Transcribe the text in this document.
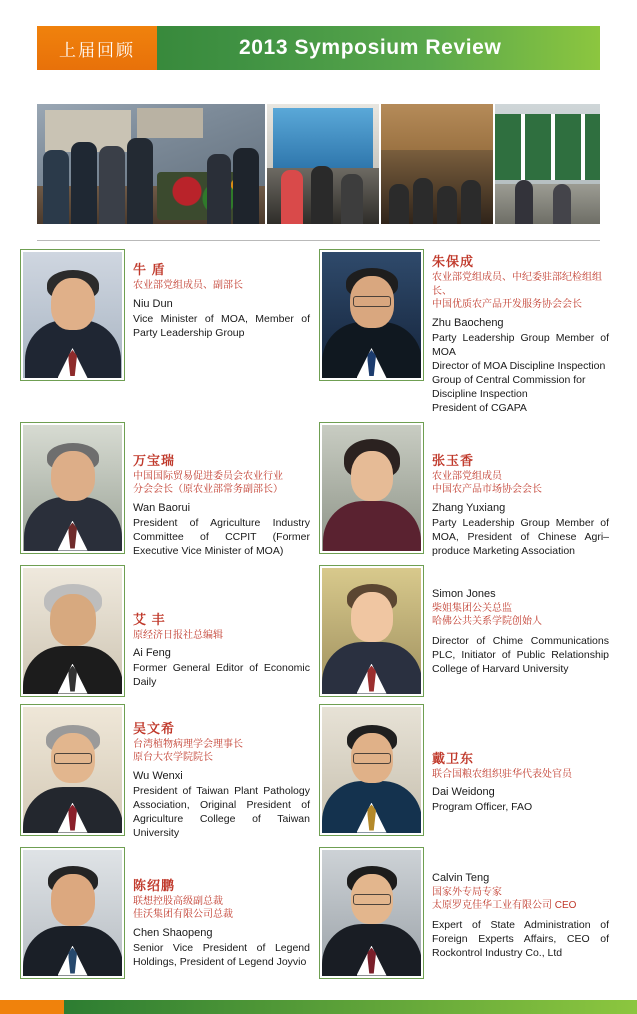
上届回顾	2013 Symposium Review
牛 盾
农业部党组成员、副部长
Niu Dun
Vice Minister of MOA, Member of Party Leadership Group
朱保成
农业部党组成员、中纪委驻部纪检组组长、
中国优质农产品开发服务协会会长
Zhu Baocheng
Party Leadership Group Member of MOA
Director of MOA Discipline Inspection
Group of Central Commission for
Discipline Inspection
President of CGAPA
万宝瑞
中国国际贸易促进委员会农业行业
分会会长（原农业部常务副部长）
Wan Baorui
President of Agriculture Industry Committee of CCPIT (Former Executive Vice Minister of MOA)
张玉香
农业部党组成员
中国农产品市场协会会长
Zhang Yuxiang
Party Leadership Group Member of MOA, President of Chinese Agri–produce Marketing Association
艾 丰
原经济日报社总编辑
Ai Feng
Former General Editor of Economic Daily
Simon Jones
柴姐集团公关总监
哈佛公共关系学院创始人
Director of Chime Communications PLC, Initiator of Public Relationship College of Harvard University
吴文希
台湾植物病理学会理事长
原台大农学院院长
Wu Wenxi
President of Taiwan Plant Pathology Association, Original President of Agriculture College of Taiwan University
戴卫东
联合国粮农组织驻华代表处官员
Dai Weidong
Program Officer, FAO
陈绍鹏
联想控股高级副总裁
佳沃集团有限公司总裁
Chen Shaopeng
Senior Vice President of Legend Holdings, President of Legend Joyvio
Calvin Teng
国家外专局专家
太原罗克佳华工业有限公司 CEO
Expert of State Administration of Foreign Experts Affairs, CEO of Rockontrol Industry Co., Ltd
